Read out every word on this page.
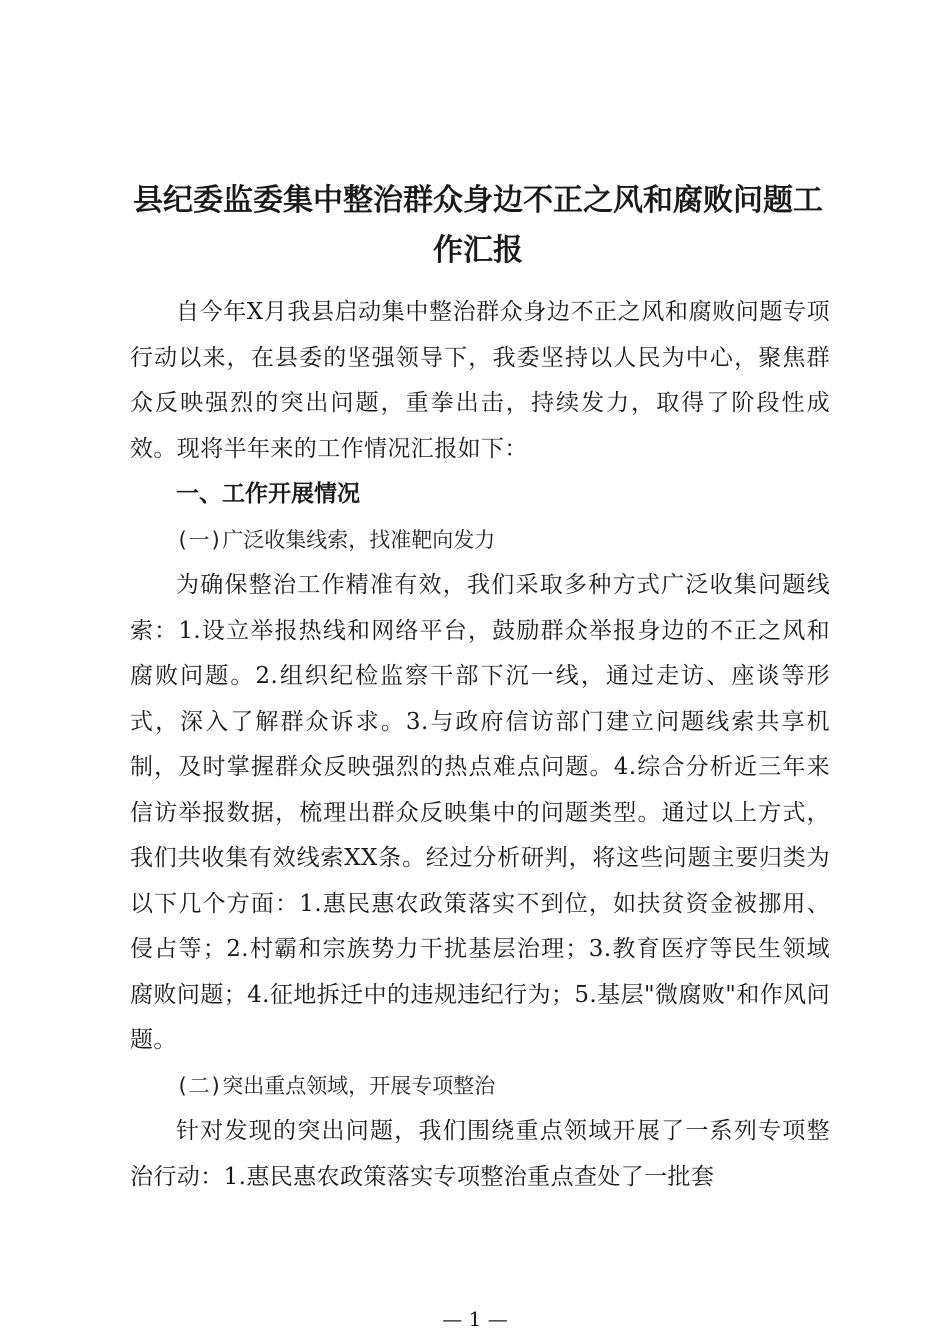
县纪委监委集中整治群众身边不正之风和腐败问题工作汇报

自今年X月我县启动集中整治群众身边不正之风和腐败问题专项行动以来，在县委的坚强领导下，我委坚持以人民为中心，聚焦群众反映强烈的突出问题，重拳出击，持续发力，取得了阶段性成效。现将半年来的工作情况汇报如下：

一、工作开展情况

(一)广泛收集线索，找准靶向发力

为确保整治工作精准有效，我们采取多种方式广泛收集问题线索：1.设立举报热线和网络平台，鼓励群众举报身边的不正之风和腐败问题。2.组织纪检监察干部下沉一线，通过走访、座谈等形式，深入了解群众诉求。3.与政府信访部门建立问题线索共享机制，及时掌握群众反映强烈的热点难点问题。4.综合分析近三年来信访举报数据，梳理出群众反映集中的问题类型。通过以上方式，我们共收集有效线索XX条。经过分析研判，将这些问题主要归类为以下几个方面：1.惠民惠农政策落实不到位，如扶贫资金被挪用、侵占等；2.村霸和宗族势力干扰基层治理；3.教育医疗等民生领域腐败问题；4.征地拆迁中的违规违纪行为；5.基层"微腐败"和作风问题。

(二)突出重点领域，开展专项整治

针对发现的突出问题，我们围绕重点领域开展了一系列专项整治行动：1.惠民惠农政策落实专项整治重点查处了一批套

— 1 —
